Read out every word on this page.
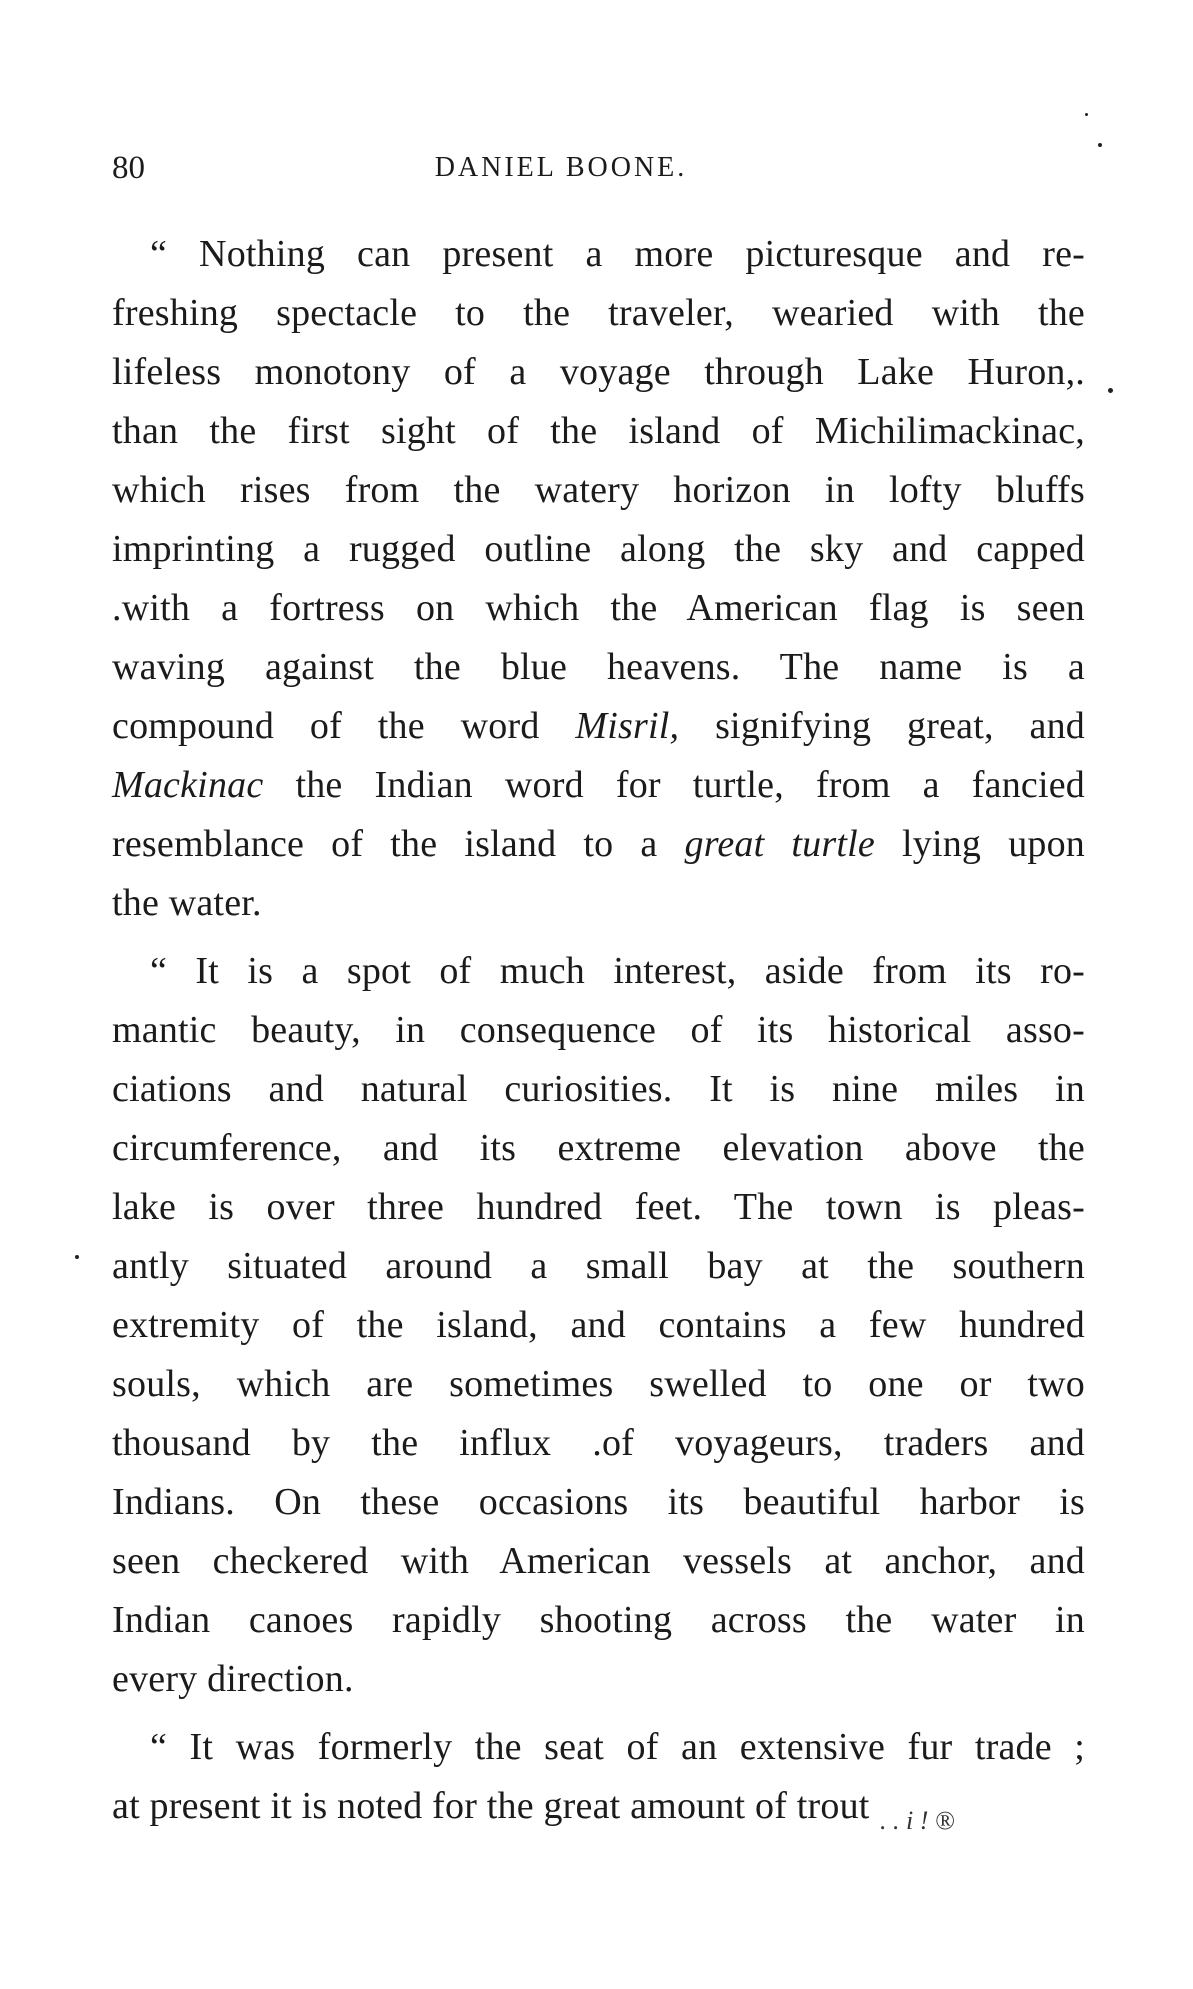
80	DANIEL BOONE.
“ Nothing can present a more picturesque and re-
freshing spectacle to the traveler, wearied with the
lifeless monotony of a voyage through Lake Huron,.
than the first sight of the island of Michilimackinac,
which rises from the watery horizon in lofty bluffs
imprinting a rugged outline along the sky and capped
.with a fortress on which the American flag is seen
waving against the blue heavens. The name is a
compound of the word Misril, signifying great, and
Mackinac the Indian word for turtle, from a fancied
resemblance of the island to a great turtle lying upon
the water.
“ It is a spot of much interest, aside from its ro-
mantic beauty, in consequence of its historical asso-
ciations and natural curiosities. It is nine miles in
circumference, and its extreme elevation above the
lake is over three hundred feet. The town is pleas-
antly situated around a small bay at the southern
extremity of the island, and contains a few hundred
souls, which are sometimes swelled to one or two
thousand by the influx .of voyageurs, traders and
Indians. On these occasions its beautiful harbor is
seen checkered with American vessels at anchor, and
Indian canoes rapidly shooting across the water in
every direction.
“ It was formerly the seat of an extensive fur trade ;
at present it is noted for the great amount of trout . . i ! ®
